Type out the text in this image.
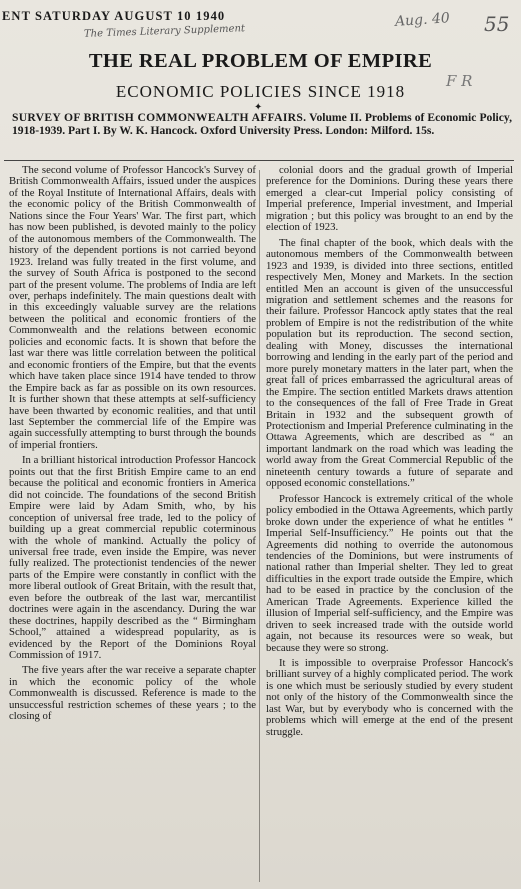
ENT SATURDAY AUGUST 10 1940
The Times Literary Supplement
Aug. 40 55
F R
THE REAL PROBLEM OF EMPIRE
ECONOMIC POLICIES SINCE 1918
✦
SURVEY OF BRITISH COMMONWEALTH AFFAIRS. Volume II. Problems of Economic Policy, 1918-1939. Part I. By W. K. Hancock. Oxford University Press. London: Milford. 15s.

The second volume of Professor Hancock's Survey of British Commonwealth Affairs, issued under the auspices of the Royal Institute of International Affairs, deals with the economic policy of the British Commonwealth of Nations since the Four Years' War. The first part, which has now been published, is devoted mainly to the policy of the autonomous members of the Commonwealth. The history of the dependent portions is not carried beyond 1923. Ireland was fully treated in the first volume, and the survey of South Africa is postponed to the second part of the present volume. The problems of India are left over, perhaps indefinitely. The main questions dealt with in this exceedingly valuable survey are the relations between the political and economic frontiers of the Commonwealth and the relations between economic policies and economic facts. It is shown that before the last war there was little correlation between the political and economic frontiers of the Empire, but that the events which have taken place since 1914 have tended to throw the Empire back as far as possible on its own resources. It is further shown that these attempts at self-sufficiency have been thwarted by economic realities, and that until last September the commercial life of the Empire was again successfully attempting to burst through the bounds of imperial frontiers.

In a brilliant historical introduction Professor Hancock points out that the first British Empire came to an end because the political and economic frontiers in America did not coincide. The foundations of the second British Empire were laid by Adam Smith, who, by his conception of universal free trade, led to the policy of building up a great commercial republic coterminous with the whole of mankind. Actually the policy of universal free trade, even inside the Empire, was never fully realized. The protectionist tendencies of the newer parts of the Empire were constantly in conflict with the more liberal outlook of Great Britain, with the result that, even before the outbreak of the last war, mercantilist doctrines were again in the ascendancy. During the war these doctrines, happily described as the “ Birmingham School,” attained a widespread popularity, as is evidenced by the Report of the Dominions Royal Commission of 1917.

The five years after the war receive a separate chapter in which the economic policy of the whole Commonwealth is discussed. Reference is made to the unsuccessful restriction schemes of these years ; to the closing of

colonial doors and the gradual growth of Imperial preference for the Dominions. During these years there emerged a clear-cut Imperial policy consisting of Imperial preference, Imperial investment, and Imperial migration ; but this policy was brought to an end by the election of 1923.

The final chapter of the book, which deals with the autonomous members of the Commonwealth between 1923 and 1939, is divided into three sections, entitled respectively Men, Money and Markets. In the section entitled Men an account is given of the unsuccessful migration and settlement schemes and the reasons for their failure. Professor Hancock aptly states that the real problem of Empire is not the redistribution of the white population but its reproduction. The second section, dealing with Money, discusses the international borrowing and lending in the early part of the period and more purely monetary matters in the later part, when the great fall of prices embarrassed the agricultural areas of the Empire. The section entitled Markets draws attention to the consequences of the fall of Free Trade in Great Britain in 1932 and the subsequent growth of Protectionism and Imperial Preference culminating in the Ottawa Agreements, which are described as “ an important landmark on the road which was leading the world away from the Great Commercial Republic of the nineteenth century towards a future of separate and opposed economic constellations.”

Professor Hancock is extremely critical of the whole policy embodied in the Ottawa Agreements, which partly broke down under the experience of what he entitles “ Imperial Self-Insufficiency.” He points out that the Agreements did nothing to override the autonomous tendencies of the Dominions, but were instruments of national rather than Imperial shelter. They led to great difficulties in the export trade outside the Empire, which had to be eased in practice by the conclusion of the American Trade Agreements. Experience killed the illusion of Imperial self-sufficiency, and the Empire was driven to seek increased trade with the outside world again, not because its resources were so weak, but because they were so strong.

It is impossible to overpraise Professor Hancock's brilliant survey of a highly complicated period. The work is one which must be seriously studied by every student not only of the history of the Commonwealth since the last War, but by everybody who is concerned with the problems which will emerge at the end of the present struggle.
